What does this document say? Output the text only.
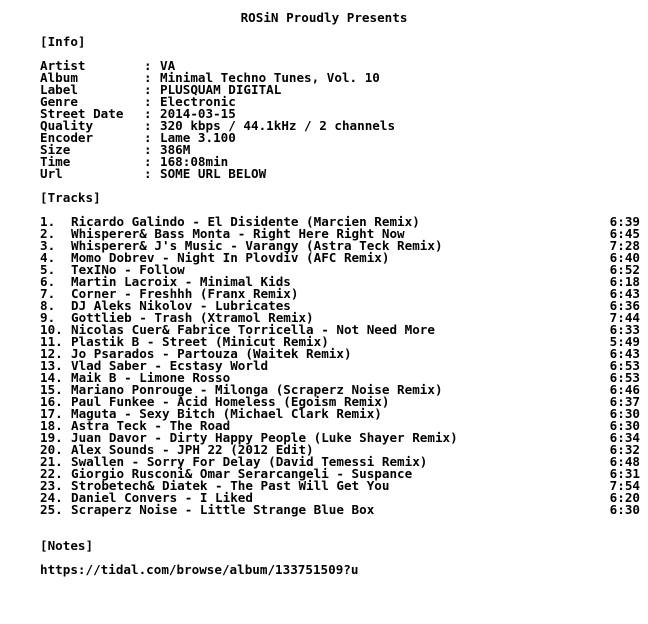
ROSiN Proudly Presents
[Info]
Artist	: VA
Album	: Minimal Techno Tunes, Vol. 10
Label	: PLUSQUAM DIGITAL
Genre	: Electronic
Street Date : 2014-03-15
Quality	: 320 kbps / 44.1kHz / 2 channels
Encoder	: Lame 3.100
Size	: 386M
Time	: 168:08min
Url	: SOME URL BELOW
[Tracks]
1. Ricardo Galindo - El Disidente (Marcien Remix)	6:39
2. Whisperer& Bass Monta - Right Here Right Now	6:45
3. Whisperer& J's Music - Varangy (Astra Teck Remix)	7:28
4. Momo Dobrev - Night In Plovdiv (AFC Remix)	6:40
5. TexINo - Follow	6:52
6. Martin Lacroix - Minimal Kids	6:18
7. Corner - Freshhh (Franx Remix)	6:43
8. DJ Aleks Nikolov - Lubricates	6:36
9. Gottlieb - Trash (Xtramol Remix)	7:44
10. Nicolas Cuer& Fabrice Torricella - Not Need More	6:33
11. Plastik B - Street (Minicut Remix)	5:49
12. Jo Psarados - Partouza (Waitek Remix)	6:43
13. Vlad Saber - Ecstasy World	6:53
14. Maik B - Limone Rosso	6:53
15. Mariano Ponrouge - Milonga (Scraperz Noise Remix)	6:46
16. Paul Funkee - Acid Homeless (Egoism Remix)	6:37
17. Maguta - Sexy Bitch (Michael Clark Remix)	6:30
18. Astra Teck - The Road	6:30
19. Juan Davor - Dirty Happy People (Luke Shayer Remix)	6:34
20. Alex Sounds - JPH 22 (2012 Edit)	6:32
21. Swallen - Sorry For Delay (David Temessi Remix)	6:48
22. Giorgio Rusconi& Omar Serarcangeli - Suspance	6:31
23. Strobetech& Diatek - The Past Will Get You	7:54
24. Daniel Convers - I Liked	6:20
25. Scraperz Noise - Little Strange Blue Box	6:30
[Notes]
https://tidal.com/browse/album/133751509?u
